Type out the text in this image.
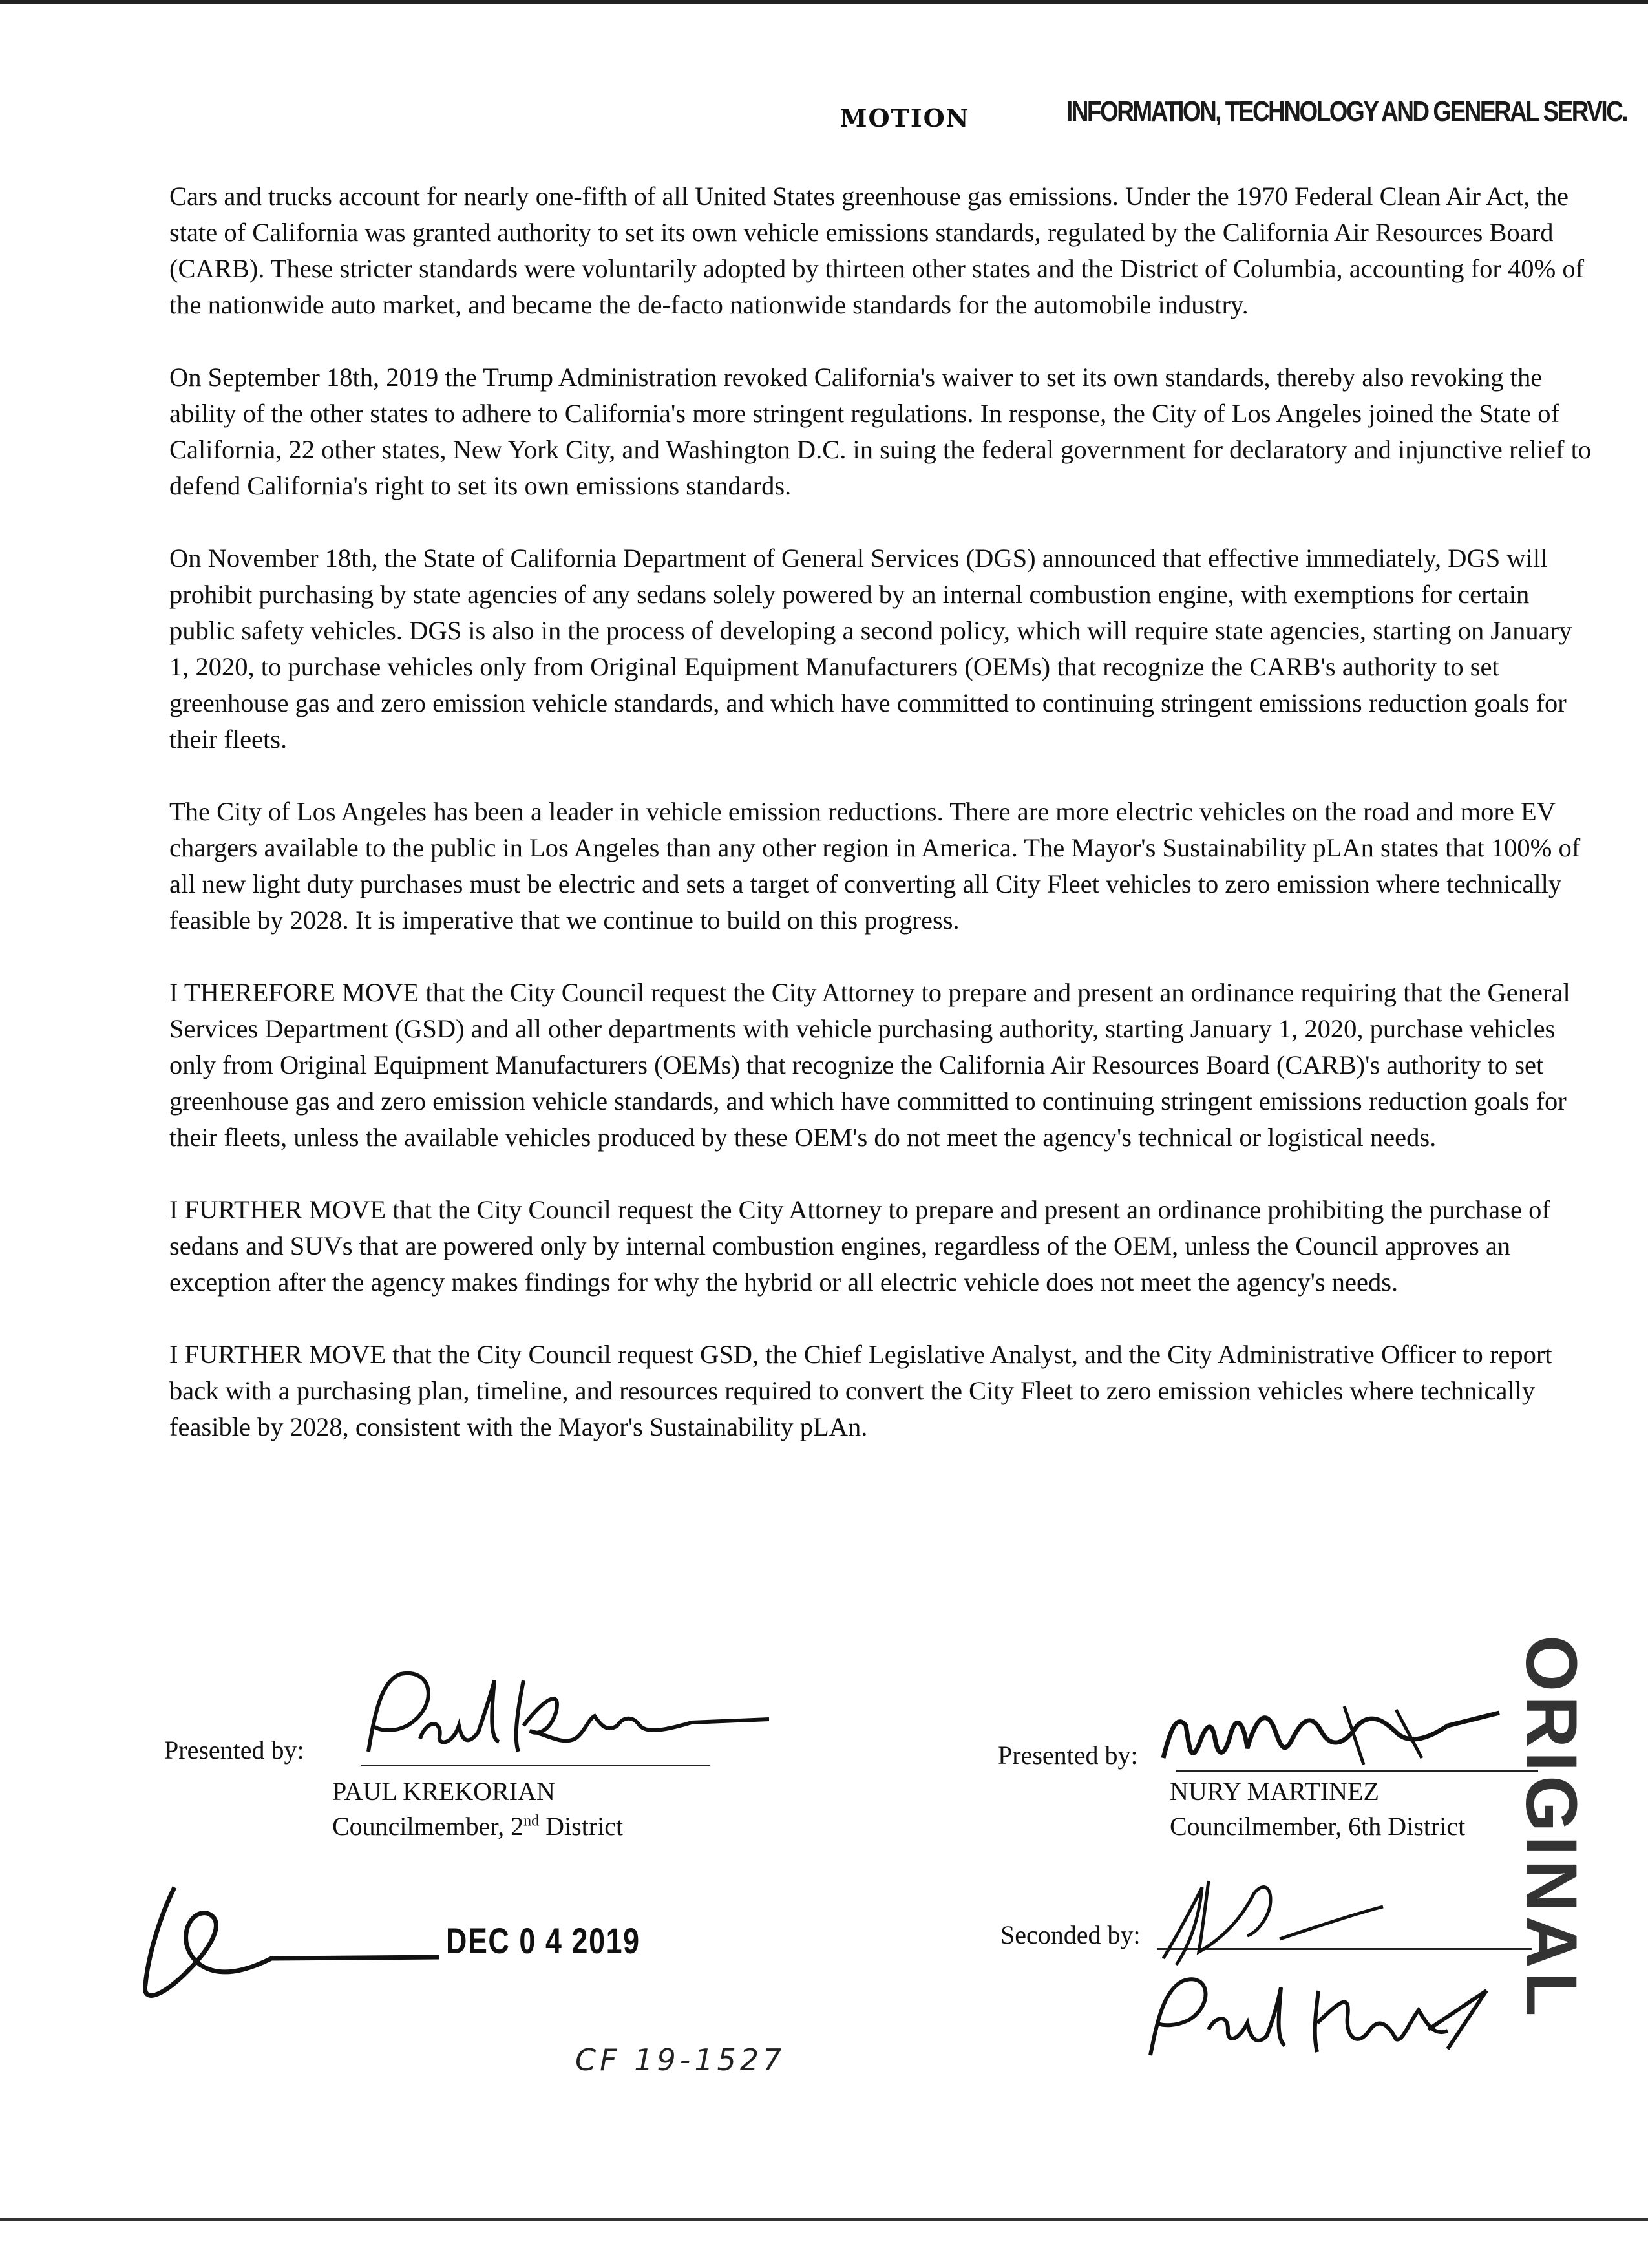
MOTION	INFORMATION, TECHNOLOGY AND GENERAL SERVIC.

Cars and trucks account for nearly one-fifth of all United States greenhouse gas emissions. Under the 1970 Federal Clean Air Act, the state of California was granted authority to set its own vehicle emissions standards, regulated by the California Air Resources Board (CARB). These stricter standards were voluntarily adopted by thirteen other states and the District of Columbia, accounting for 40% of the nationwide auto market, and became the de-facto nationwide standards for the automobile industry.

On September 18th, 2019 the Trump Administration revoked California's waiver to set its own standards, thereby also revoking the ability of the other states to adhere to California's more stringent regulations. In response, the City of Los Angeles joined the State of California, 22 other states, New York City, and Washington D.C. in suing the federal government for declaratory and injunctive relief to defend California's right to set its own emissions standards.

On November 18th, the State of California Department of General Services (DGS) announced that effective immediately, DGS will prohibit purchasing by state agencies of any sedans solely powered by an internal combustion engine, with exemptions for certain public safety vehicles. DGS is also in the process of developing a second policy, which will require state agencies, starting on January 1, 2020, to purchase vehicles only from Original Equipment Manufacturers (OEMs) that recognize the CARB's authority to set greenhouse gas and zero emission vehicle standards, and which have committed to continuing stringent emissions reduction goals for their fleets.

The City of Los Angeles has been a leader in vehicle emission reductions. There are more electric vehicles on the road and more EV chargers available to the public in Los Angeles than any other region in America. The Mayor's Sustainability pLAn states that 100% of all new light duty purchases must be electric and sets a target of converting all City Fleet vehicles to zero emission where technically feasible by 2028. It is imperative that we continue to build on this progress.

I THEREFORE MOVE that the City Council request the City Attorney to prepare and present an ordinance requiring that the General Services Department (GSD) and all other departments with vehicle purchasing authority, starting January 1, 2020, purchase vehicles only from Original Equipment Manufacturers (OEMs) that recognize the California Air Resources Board (CARB)'s authority to set greenhouse gas and zero emission vehicle standards, and which have committed to continuing stringent emissions reduction goals for their fleets, unless the available vehicles produced by these OEM's do not meet the agency's technical or logistical needs.

I FURTHER MOVE that the City Council request the City Attorney to prepare and present an ordinance prohibiting the purchase of sedans and SUVs that are powered only by internal combustion engines, regardless of the OEM, unless the Council approves an exception after the agency makes findings for why the hybrid or all electric vehicle does not meet the agency's needs.

I FURTHER MOVE that the City Council request GSD, the Chief Legislative Analyst, and the City Administrative Officer to report back with a purchasing plan, timeline, and resources required to convert the City Fleet to zero emission vehicles where technically feasible by 2028, consistent with the Mayor's Sustainability pLAn.

Presented by:
PAUL KREKORIAN
Councilmember, 2nd District
Presented by:
NURY MARTINEZ
Councilmember, 6th District
Seconded by:
DEC 0 4 2019
CF 19-1527
ORIGINAL
